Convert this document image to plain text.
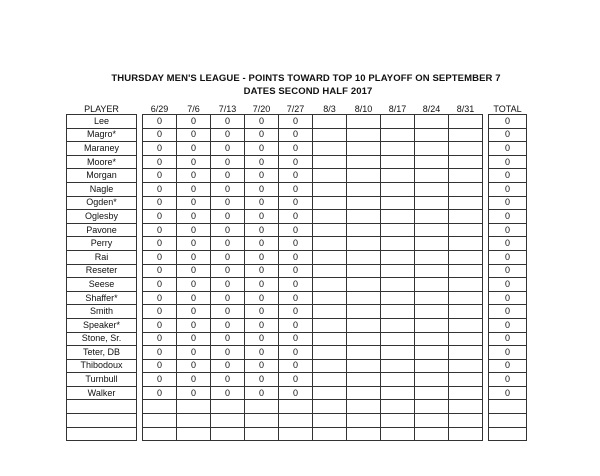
THURSDAY MEN'S LEAGUE - POINTS TOWARD TOP 10 PLAYOFF ON SEPTEMBER 7
DATES SECOND HALF 2017
PLAYER		6/29	7/6	7/13	7/20	7/27	8/3	8/10	8/17	8/24	8/31		TOTAL
Lee		0	0	0	0	0							0
Magro*		0	0	0	0	0							0
Maraney		0	0	0	0	0							0
Moore*		0	0	0	0	0							0
Morgan		0	0	0	0	0							0
Nagle		0	0	0	0	0							0
Ogden*		0	0	0	0	0							0
Oglesby		0	0	0	0	0							0
Pavone		0	0	0	0	0							0
Perry		0	0	0	0	0							0
Rai		0	0	0	0	0							0
Reseter		0	0	0	0	0							0
Seese		0	0	0	0	0							0
Shaffer*		0	0	0	0	0							0
Smith		0	0	0	0	0							0
Speaker*		0	0	0	0	0							0
Stone, Sr.		0	0	0	0	0							0
Teter, DB		0	0	0	0	0							0
Thibodoux		0	0	0	0	0							0
Turnbull		0	0	0	0	0							0
Walker		0	0	0	0	0							0
